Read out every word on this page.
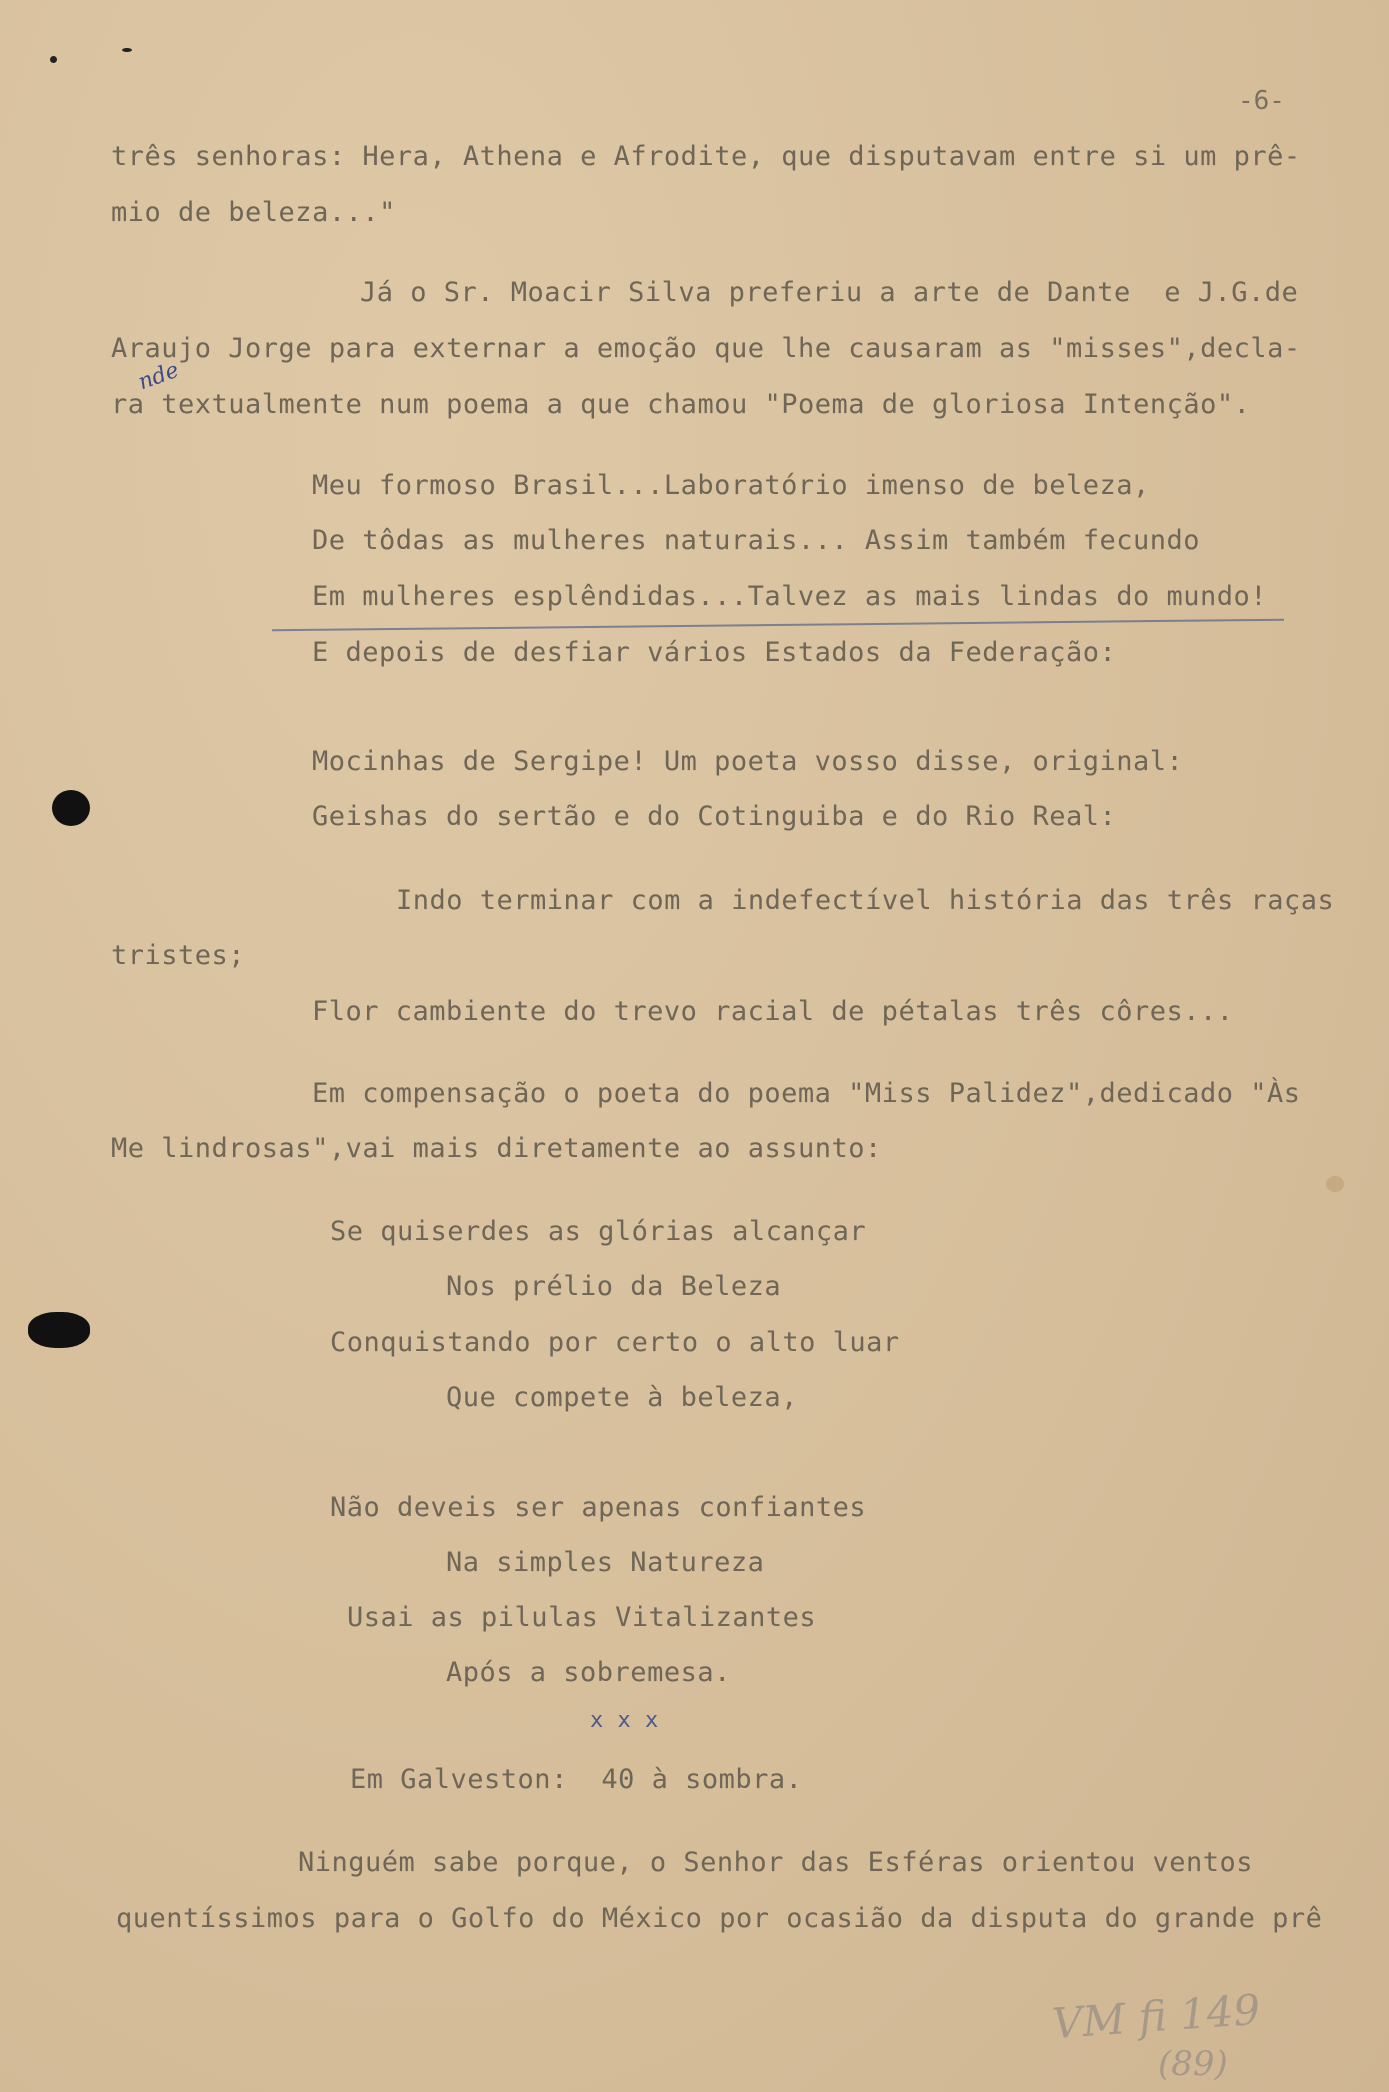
-6-
três senhoras: Hera, Athena e Afrodite, que disputavam entre si um prê-
mio de beleza..."
Já o Sr. Moacir Silva preferiu a arte de Dante  e J.G.de
Araujo Jorge para externar a emoção que lhe causaram as "misses",decla-
ra textualmente num poema a que chamou "Poema de gloriosa Intenção".
nde
Meu formoso Brasil...Laboratório imenso de beleza,
De tôdas as mulheres naturais... Assim também fecundo
Em mulheres esplêndidas...Talvez as mais lindas do mundo!
E depois de desfiar vários Estados da Federação:
Mocinhas de Sergipe! Um poeta vosso disse, original:
Geishas do sertão e do Cotinguiba e do Rio Real:
Indo terminar com a indefectível história das três raças
tristes;
Flor cambiente do trevo racial de pétalas três côres...
Em compensação o poeta do poema "Miss Palidez",dedicado "Às
Me lindrosas",vai mais diretamente ao assunto:
Se quiserdes as glórias alcançar
Nos prélio da Beleza
Conquistando por certo o alto luar
Que compete à beleza,
Não deveis ser apenas confiantes
Na simples Natureza
Usai as pilulas Vitalizantes
Após a sobremesa.
x x x
Em Galveston:  40 à sombra.
Ninguém sabe porque, o Senhor das Esféras orientou ventos
quentíssimos para o Golfo do México por ocasião da disputa do grande prê
VM fi 149
(89)
